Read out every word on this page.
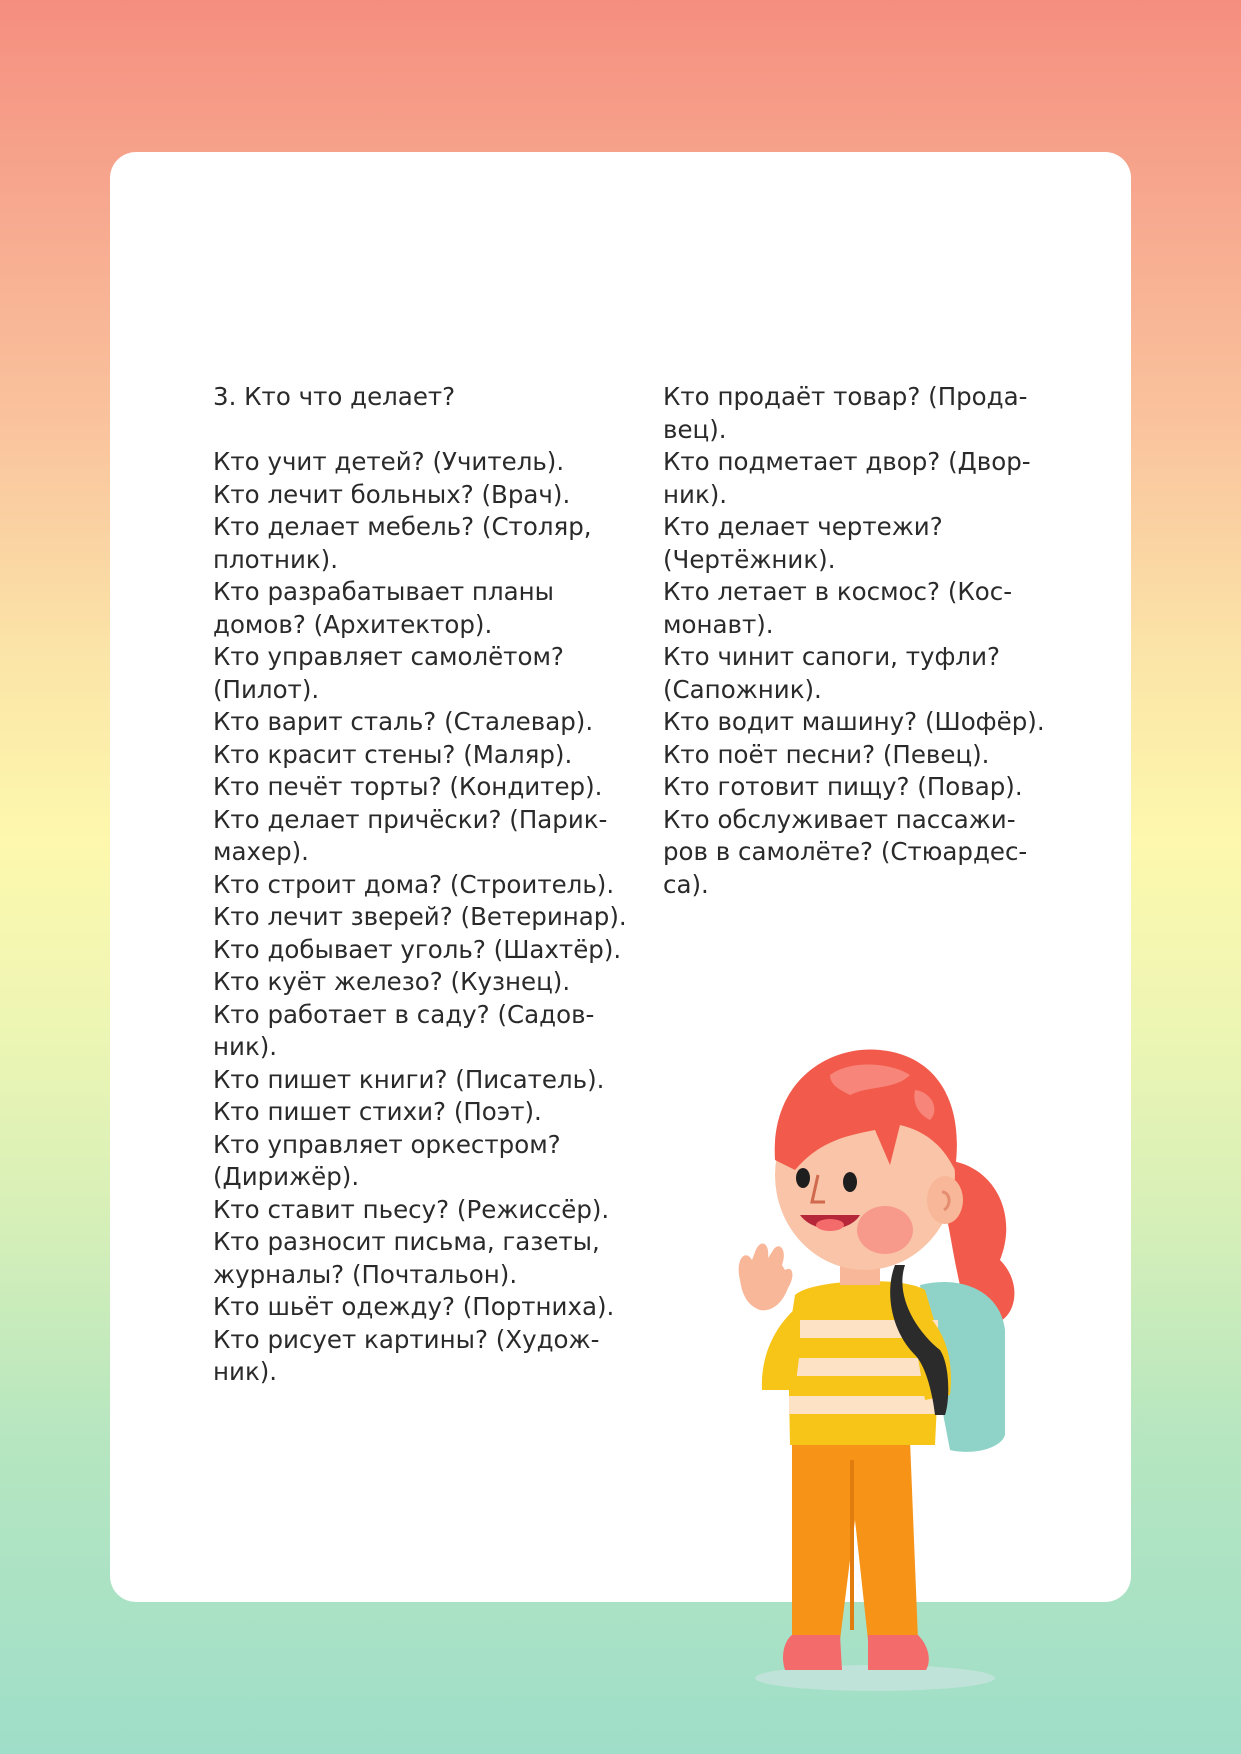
3. Кто что делает?
Кто учит детей? (Учитель).
Кто лечит больных? (Врач).
Кто делает мебель? (Столяр,
плотник).
Кто разрабатывает планы
домов? (Архитектор).
Кто управляет самолётом?
(Пилот).
Кто варит сталь? (Сталевар).
Кто красит стены? (Маляр).
Кто печёт торты? (Кондитер).
Кто делает причёски? (Парик-
махер).
Кто строит дома? (Строитель).
Кто лечит зверей? (Ветеринар).
Кто добывает уголь? (Шахтёр).
Кто куёт железо? (Кузнец).
Кто работает в саду? (Садов-
ник).
Кто пишет книги? (Писатель).
Кто пишет стихи? (Поэт).
Кто управляет оркестром?
(Дирижёр).
Кто ставит пьесу? (Режиссёр).
Кто разносит письма, газеты,
журналы? (Почтальон).
Кто шьёт одежду? (Портниха).
Кто рисует картины? (Худож-
ник).
Кто продаёт товар? (Прода-
вец).
Кто подметает двор? (Двор-
ник).
Кто делает чертежи?
(Чертёжник).
Кто летает в космос? (Кос-
монавт).
Кто чинит сапоги, туфли?
(Сапожник).
Кто водит машину? (Шофёр).
Кто поёт песни? (Певец).
Кто готовит пищу? (Повар).
Кто обслуживает пассажи-
ров в самолёте? (Стюардес-
са).
